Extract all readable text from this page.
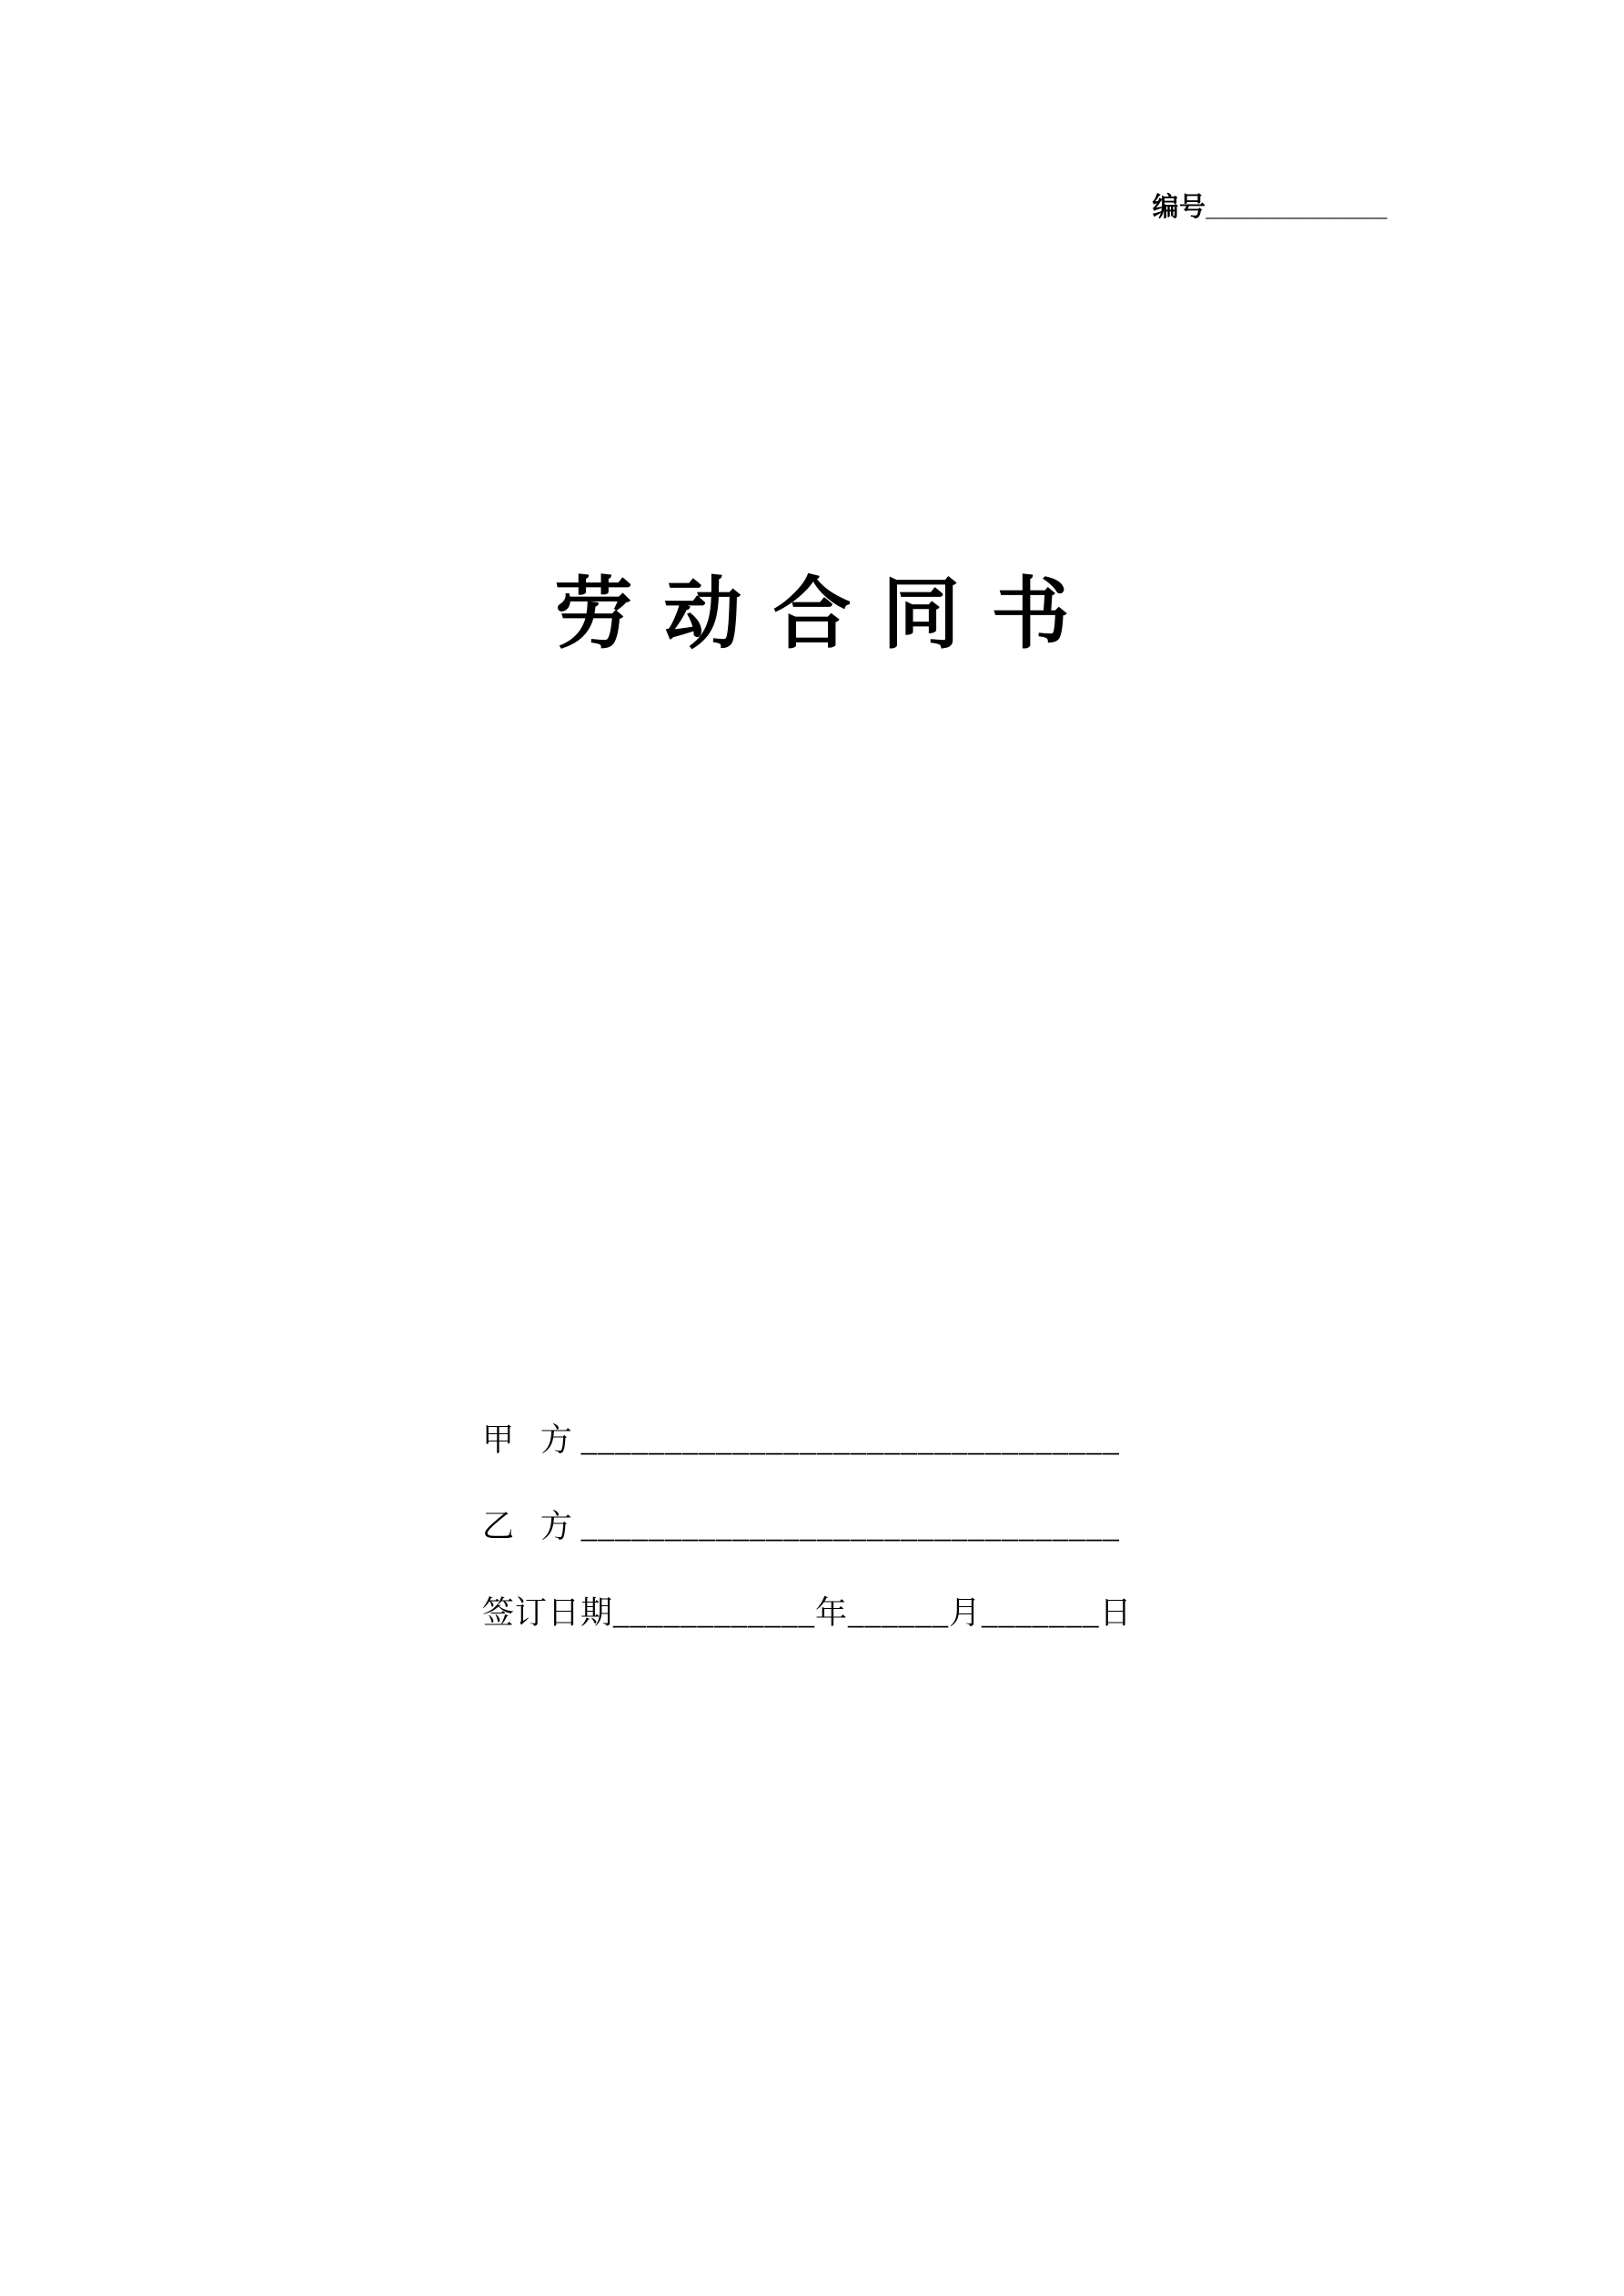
编号____________
劳动合同书
甲 方________________________________
乙 方________________________________
签订日期____________年______月_______日
